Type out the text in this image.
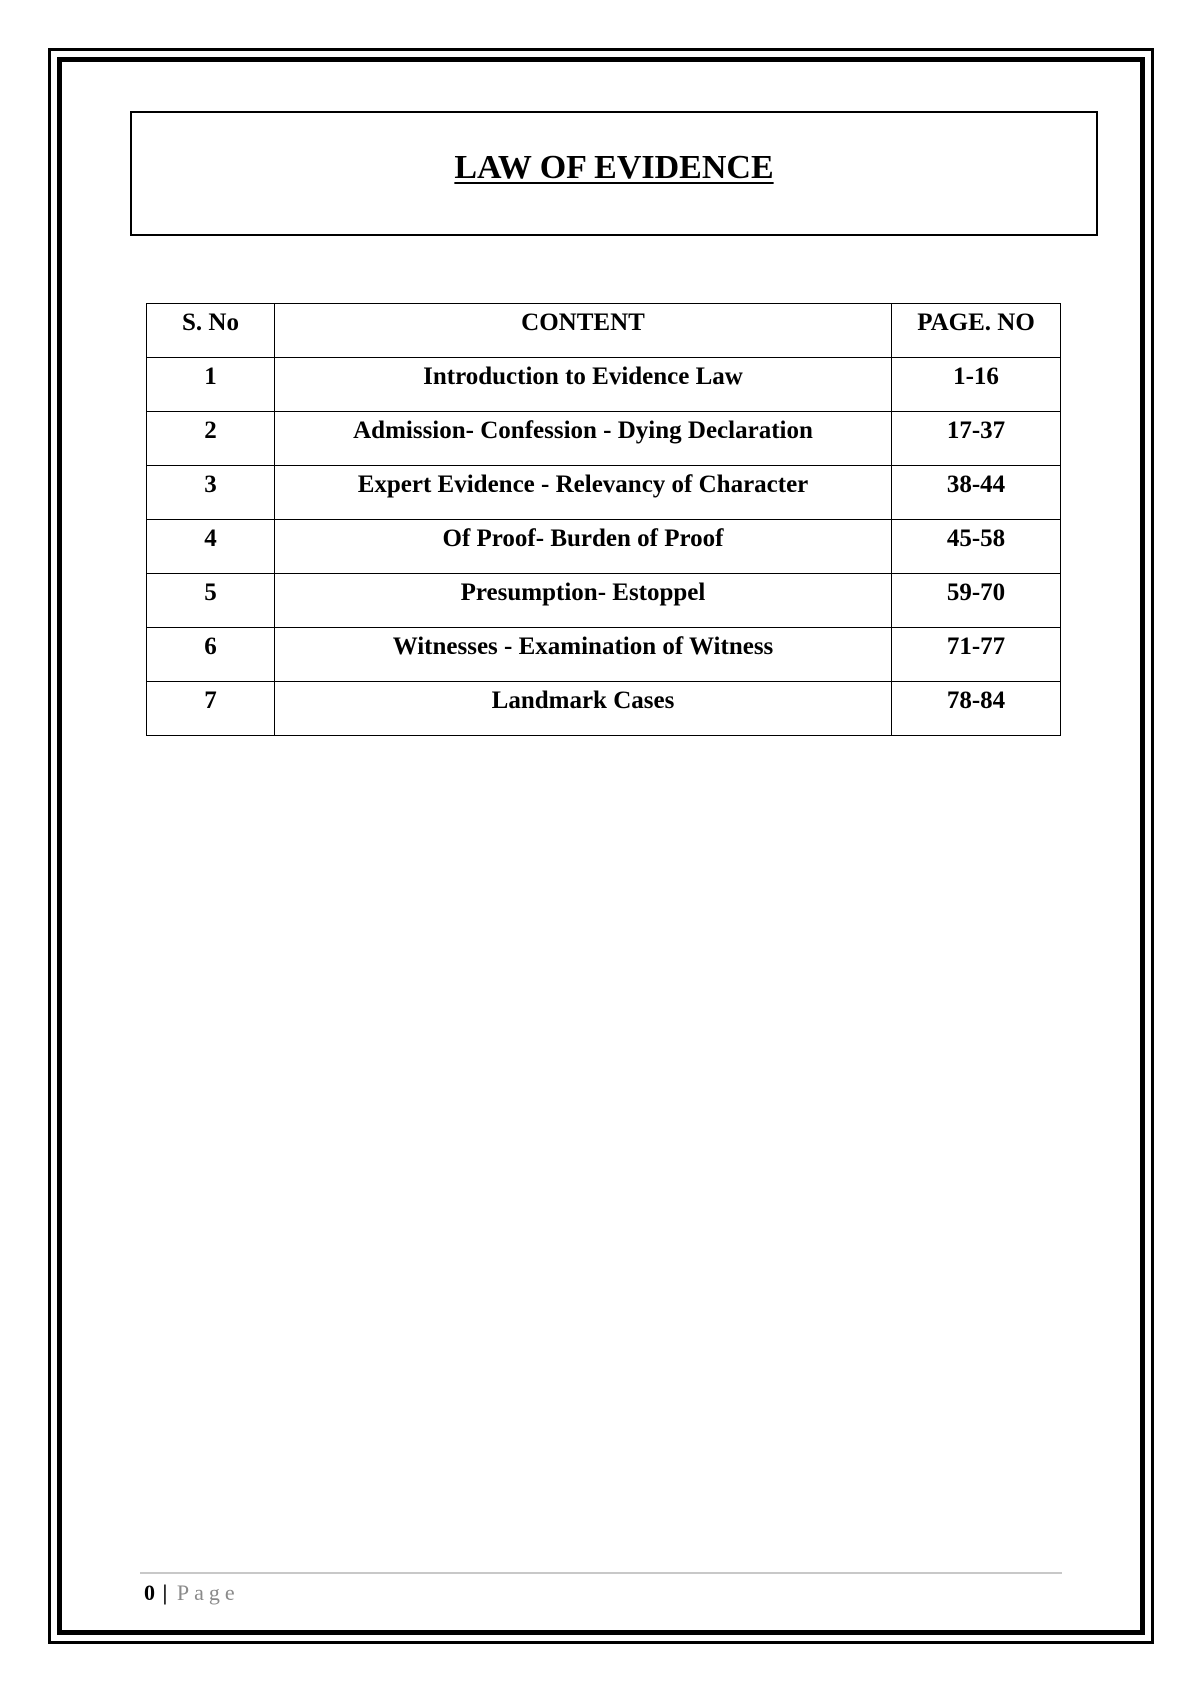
LAW OF EVIDENCE
S. No	CONTENT	PAGE. NO
1	Introduction to Evidence Law	1-16
2	Admission- Confession - Dying Declaration	17-37
3	Expert Evidence - Relevancy of Character	38-44
4	Of Proof- Burden of Proof	45-58
5	Presumption- Estoppel	59-70
6	Witnesses - Examination of Witness	71-77
7	Landmark Cases	78-84
0 | Page
